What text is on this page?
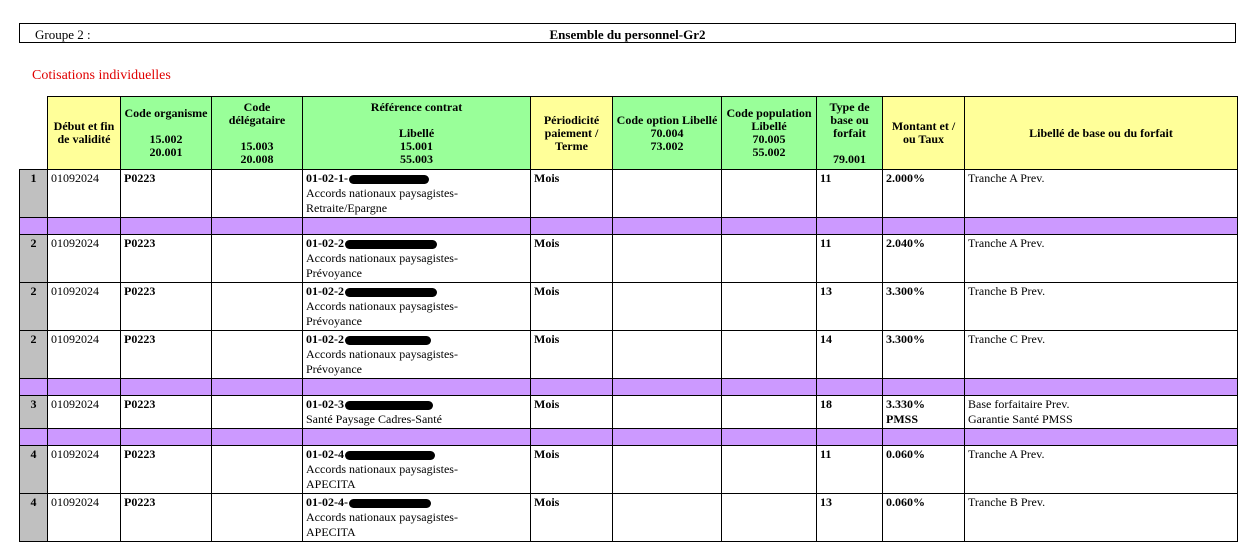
Groupe 2 :	Ensemble du personnel-Gr2
Cotisations individuelles

	Début et fin de validité	Code organisme
15.002
20.001	Code délégataire
15.003
20.008	Référence contrat
Libellé
15.001
55.003	Périodicité paiement / Terme	Code option Libellé
70.004
73.002	Code population Libellé
70.005
55.002	Type de base ou forfait
79.001	Montant et / ou Taux	Libellé de base ou du forfait

1	01092024	P0223		01-02-1-
Accords nationaux paysagistes-
Retraite/Epargne	Mois			11	2.000%	Tranche A Prev.

2	01092024	P0223		01-02-2
Accords nationaux paysagistes-
Prévoyance	Mois			11	2.040%	Tranche A Prev.
2	01092024	P0223		01-02-2
Accords nationaux paysagistes-
Prévoyance	Mois			13	3.300%	Tranche B Prev.
2	01092024	P0223		01-02-2
Accords nationaux paysagistes-
Prévoyance	Mois			14	3.300%	Tranche C Prev.

3	01092024	P0223		01-02-3
Santé Paysage Cadres-Santé	Mois			18	3.330%
PMSS	Base forfaitaire Prev.
Garantie Santé PMSS

4	01092024	P0223		01-02-4
Accords nationaux paysagistes-
APECITA	Mois			11	0.060%	Tranche A Prev.
4	01092024	P0223		01-02-4-
Accords nationaux paysagistes-
APECITA	Mois			13	0.060%	Tranche B Prev.
